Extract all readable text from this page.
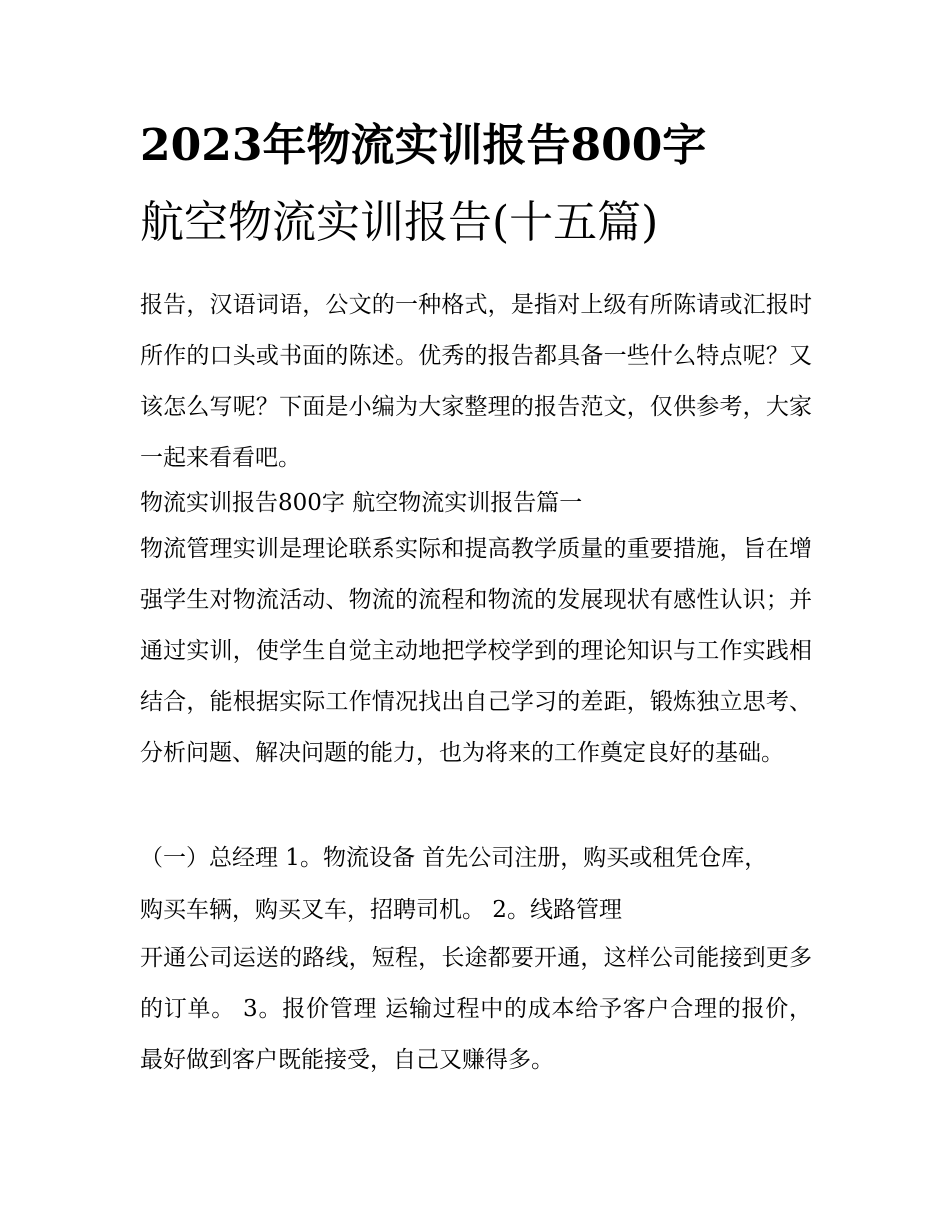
2023年物流实训报告800字
航空物流实训报告(十五篇)

报告，汉语词语，公文的一种格式，是指对上级有所陈请或汇报时所作的口头或书面的陈述。优秀的报告都具备一些什么特点呢？又该怎么写呢？下面是小编为大家整理的报告范文，仅供参考，大家一起来看看吧。

物流实训报告800字 航空物流实训报告篇一

物流管理实训是理论联系实际和提高教学质量的重要措施，旨在增强学生对物流活动、物流的流程和物流的发展现状有感性认识；并通过实训，使学生自觉主动地把学校学到的理论知识与工作实践相结合，能根据实际工作情况找出自己学习的差距，锻炼独立思考、分析问题、解决问题的能力，也为将来的工作奠定良好的基础。

（一）总经理 1。物流设备 首先公司注册，购买或租凭仓库，

购买车辆，购买叉车，招聘司机。 2。线路管理

开通公司运送的路线，短程，长途都要开通，这样公司能接到更多的订单。 3。报价管理 运输过程中的成本给予客户合理的报价，最好做到客户既能接受，自己又赚得多。
